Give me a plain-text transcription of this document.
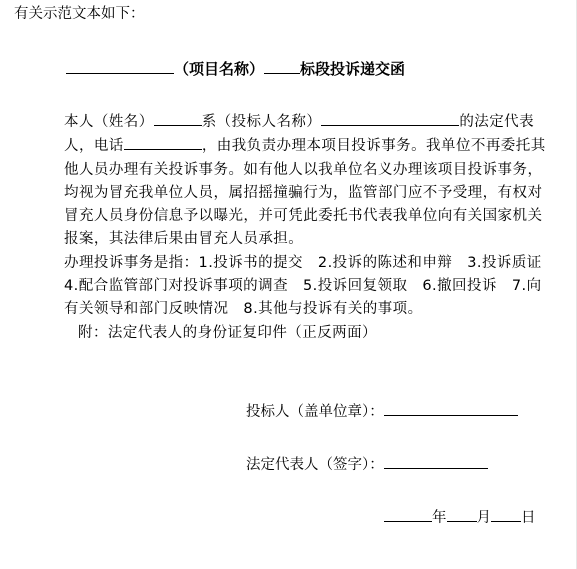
有关示范文本如下：
（项目名称） 标段投诉递交函

本人（姓名）	系（投标人名称）	的法定代表人，电话	，由我负责办理本项目投诉事务。我单位不再委托其他人员办理有关投诉事务。如有他人以我单位名义办理该项目投诉事务，均视为冒充我单位人员，属招摇撞骗行为，监管部门应不予受理，有权对冒充人员身份信息予以曝光，并可凭此委托书代表我单位向有关国家机关报案，其法律后果由冒充人员承担。

办理投诉事务是指：1.投诉书的提交　2.投诉的陈述和申辩　3.投诉质证 4.配合监管部门对投诉事项的调查　5.投诉回复领取　6.撤回投诉　7.向有关领导和部门反映情况　8.其他与投诉有关的事项。

附：法定代表人的身份证复印件（正反两面）

投标人（盖单位章）：
法定代表人（签字）：
年 月 日
